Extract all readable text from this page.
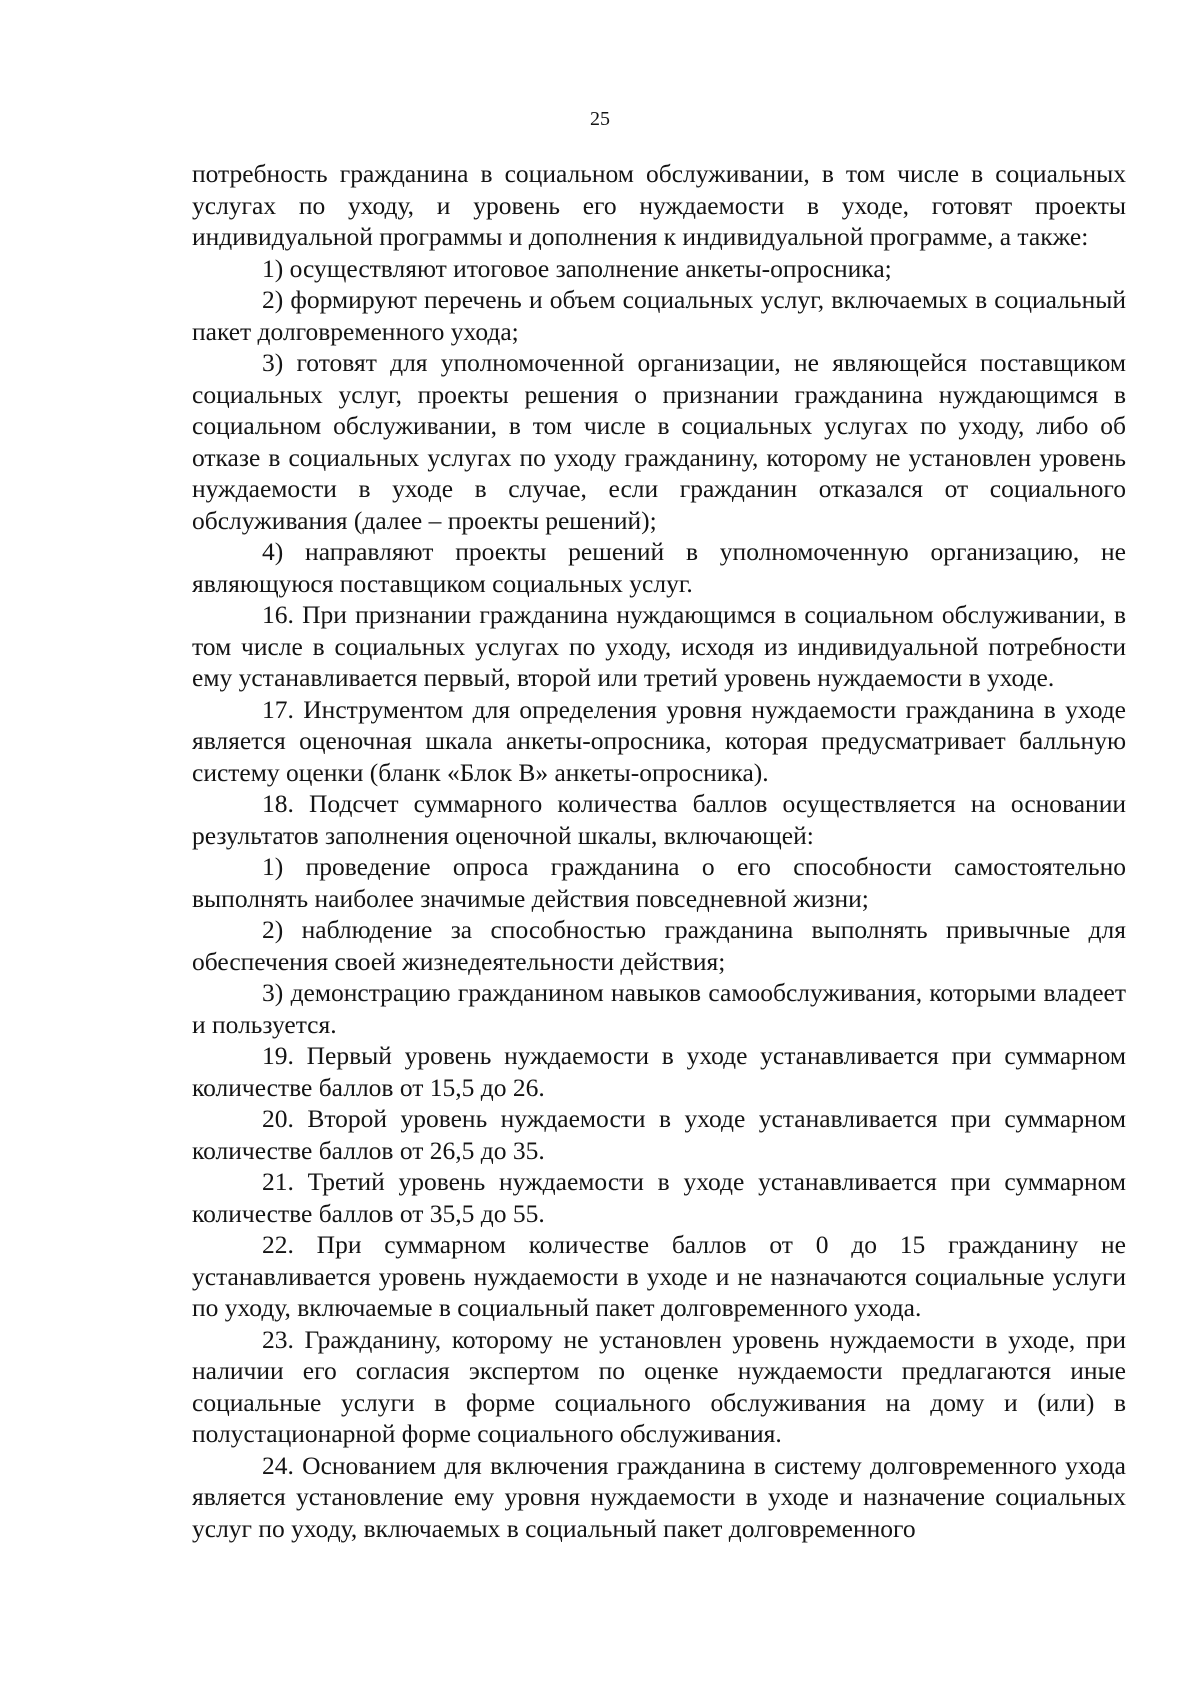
25

потребность гражданина в социальном обслуживании, в том числе в социальных услугах по уходу, и уровень его нуждаемости в уходе, готовят проекты индивидуальной программы и дополнения к индивидуальной программе, а также:

1) осуществляют итоговое заполнение анкеты-опросника;

2) формируют перечень и объем социальных услуг, включаемых в социальный пакет долговременного ухода;

3) готовят для уполномоченной организации, не являющейся поставщиком социальных услуг, проекты решения о признании гражданина нуждающимся в социальном обслуживании, в том числе в социальных услугах по уходу, либо об отказе в социальных услугах по уходу гражданину, которому не установлен уровень нуждаемости в уходе в случае, если гражданин отказался от социального обслуживания (далее – проекты решений);

4) направляют проекты решений в уполномоченную организацию, не являющуюся поставщиком социальных услуг.

16. При признании гражданина нуждающимся в социальном обслуживании, в том числе в социальных услугах по уходу, исходя из индивидуальной потребности ему устанавливается первый, второй или третий уровень нуждаемости в уходе.

17. Инструментом для определения уровня нуждаемости гражданина в уходе является оценочная шкала анкеты-опросника, которая предусматривает балльную систему оценки (бланк «Блок В» анкеты-опросника).

18. Подсчет суммарного количества баллов осуществляется на основании результатов заполнения оценочной шкалы, включающей:

1) проведение опроса гражданина о его способности самостоятельно выполнять наиболее значимые действия повседневной жизни;

2) наблюдение за способностью гражданина выполнять привычные для обеспечения своей жизнедеятельности действия;

3) демонстрацию гражданином навыков самообслуживания, которыми владеет и пользуется.

19. Первый уровень нуждаемости в уходе устанавливается при суммарном количестве баллов от 15,5 до 26.

20. Второй уровень нуждаемости в уходе устанавливается при суммарном количестве баллов от 26,5 до 35.

21. Третий уровень нуждаемости в уходе устанавливается при суммарном количестве баллов от 35,5 до 55.

22. При суммарном количестве баллов от 0 до 15 гражданину не устанавливается уровень нуждаемости в уходе и не назначаются социальные услуги по уходу, включаемые в социальный пакет долговременного ухода.

23. Гражданину, которому не установлен уровень нуждаемости в уходе, при наличии его согласия экспертом по оценке нуждаемости предлагаются иные социальные услуги в форме социального обслуживания на дому и (или) в полустационарной форме социального обслуживания.

24. Основанием для включения гражданина в систему долговременного ухода является установление ему уровня нуждаемости в уходе и назначение социальных услуг по уходу, включаемых в социальный пакет долговременного
